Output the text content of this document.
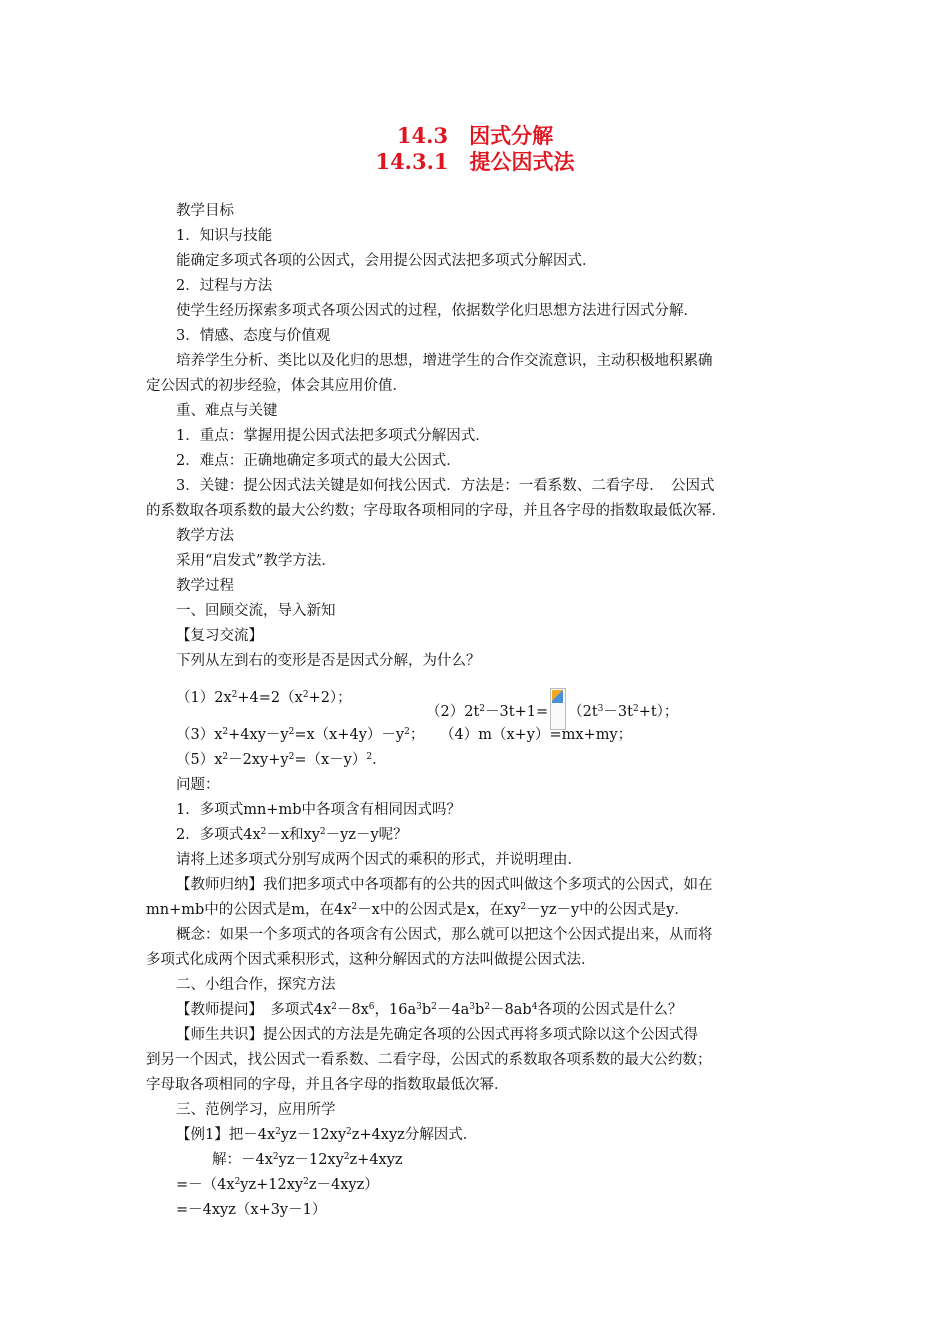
14.3　因式分解
14.3.1　提公因式法
教学目标
1．知识与技能
能确定多项式各项的公因式，会用提公因式法把多项式分解因式．
2．过程与方法
使学生经历探索多项式各项公因式的过程，依据数学化归思想方法进行因式分解．
3．情感、态度与价值观
培养学生分析、类比以及化归的思想，增进学生的合作交流意识，主动积极地积累确
定公因式的初步经验，体会其应用价值．
重、难点与关键
1．重点：掌握用提公因式法把多项式分解因式．
2．难点：正确地确定多项式的最大公因式．
3．关键：提公因式法关键是如何找公因式．方法是：一看系数、二看字母．　公因式
的系数取各项系数的最大公约数；字母取各项相同的字母，并且各字母的指数取最低次幂．
教学方法
采用“启发式”教学方法．
教学过程
一、回顾交流，导入新知
【复习交流】
下列从左到右的变形是否是因式分解，为什么？
$(1)2x^2+4=2(x^2+2)$；
$(2)2t^2-3t+1= (2t^3-3t^2+t)$；
$(3)x^2+4xy-y^2=x(x+4y)-y^2$；	（4）m（x+y）=mx+my；
$(5)x^2-2xy+y^2=(x-y)^2$．
问题：
1．多项式mn+mb中各项含有相同因式吗？
2．多项式$4x^2-x$和$xy^2-yz-y$呢？
请将上述多项式分别写成两个因式的乘积的形式，并说明理由．
【教师归纳】我们把多项式中各项都有的公共的因式叫做这个多项式的公因式，如在
mn+mb中的公因式是m，在$4x^2-x$中的公因式是x，在$xy^2-yz-y$中的公因式是y．
概念：如果一个多项式的各项含有公因式，那么就可以把这个公因式提出来，从而将
多项式化成两个因式乘积形式，这种分解因式的方法叫做提公因式法．
二、小组合作，探究方法
【教师提问】　多项式$4x^2-8x^6$，$16a^3b^2-4a^3b^2-8ab^4$各项的公因式是什么？
【师生共识】提公因式的方法是先确定各项的公因式再将多项式除以这个公因式得
到另一个因式，找公因式一看系数、二看字母，公因式的系数取各项系数的最大公约数；
字母取各项相同的字母，并且各字母的指数取最低次幂．
三、范例学习，应用所学
【例1】把$-4x^2yz-12xy^2z+4xyz$分解因式．
解：$-4x^2yz-12xy^2z+4xyz$
$=-(4x^2yz+12xy^2z-4xyz)$
=－4xyz（x+3y－1）
